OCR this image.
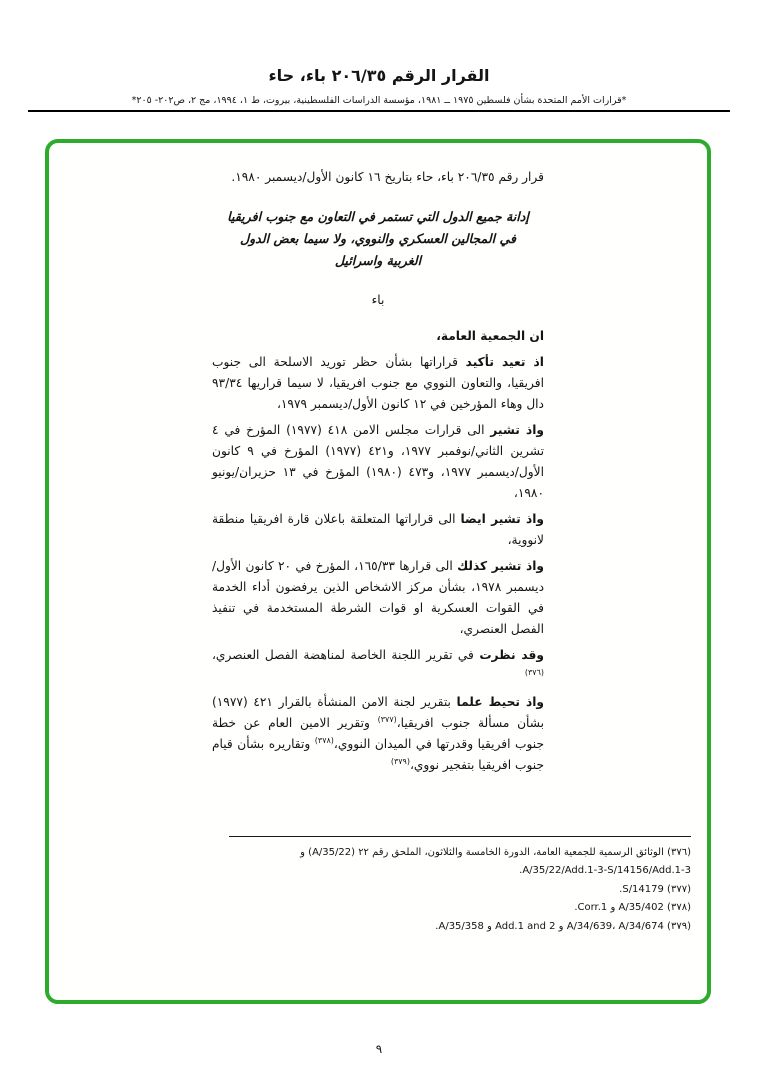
القرار الرقم ٢٠٦/٣٥ باء، حاء

*قرارات الأمم المتحدة بشأن فلسطين ١٩٧٥ ــ ١٩٨١، مؤسسة الدراسات الفلسطينية، بيروت، ط ١، ١٩٩٤، مج ٢، ص٢٠٢- ٢٠٥*

قرار رقم ٢٠٦/٣٥ باء، حاء بتاريخ ١٦ كانون الأول/ديسمبر ١٩٨٠.

إدانة جميع الدول التي تستمر في التعاون مع جنوب افريقيا في المجالين العسكري والنووي، ولا سيما بعض الدول الغربية واسرائيل

باء

ان الجمعية العامة،

اذ تعيد تأكيد قراراتها بشأن حظر توريد الاسلحة الى جنوب افريقيا، والتعاون النووي مع جنوب افريقيا، لا سيما قراريها ٩٣/٣٤ دال وهاء المؤرخين في ١٢ كانون الأول/ديسمبر ١٩٧٩،

واذ تشير الى قرارات مجلس الامن ٤١٨ (١٩٧٧) المؤرخ في ٤ تشرين الثاني/نوفمبر ١٩٧٧، و٤٢١ (١٩٧٧) المؤرخ في ٩ كانون الأول/ديسمبر ١٩٧٧، و٤٧٣ (١٩٨٠) المؤرخ في ١٣ حزيران/يونيو ١٩٨٠،

واذ تشير ايضا الى قراراتها المتعلقة باعلان قارة افريقيا منطقة لانووية،

واذ تشير كذلك الى قرارها ١٦٥/٣٣، المؤرخ في ٢٠ كانون الأول/ديسمبر ١٩٧٨، بشأن مركز الاشخاص الذين يرفضون أداء الخدمة في القوات العسكرية او قوات الشرطة المستخدمة في تنفيذ الفصل العنصري،

وقد نظرت في تقرير اللجنة الخاصة لمناهضة الفصل العنصري،$^{(٣٧٦)}$

واذ تحيط علما بتقرير لجنة الامن المنشأة بالقرار ٤٢١ (١٩٧٧) بشأن مسألة جنوب افريقيا،$^{(٣٧٧)}$ وتقرير الامين العام عن خطة جنوب افريقيا وقدرتها في الميدان النووي،$^{(٣٧٨)}$ وتقاريره بشأن قيام جنوب افريقيا بتفجير نووي،$^{(٣٧٩)}$

(٣٧٦) الوثائق الرسمية للجمعية العامة، الدورة الخامسة والثلاثون، الملحق رقم ٢٢ (A/35/22) و A/35/22/Add.1-3-S/14156/Add.1-3.

(٣٧٧) S/14179.

(٣٧٨) A/35/402 و Corr.1.

(٣٧٩) A/34/639، A/34/674 و Add.1 and 2 و A/35/358.

٩
